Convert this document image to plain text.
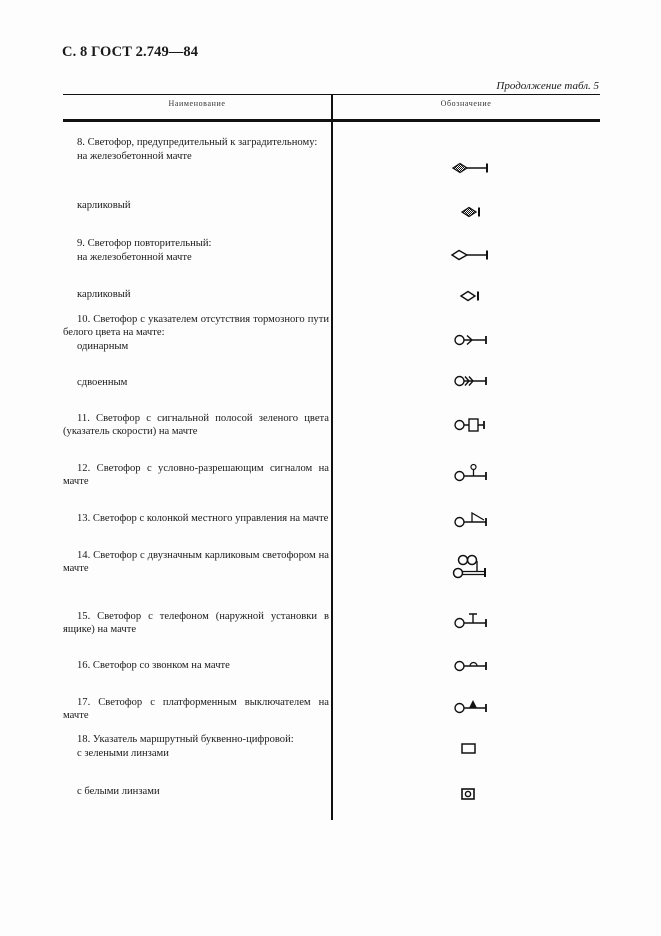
С. 8 ГОСТ 2.749—84
Продолжение табл. 5
Наименование	Обозначение
8. Светофор, предупредительный к заградительному:
на железобетонной мачте
карликовый
9. Светофор повторительный:
на железобетонной мачте
карликовый
10. Светофор с указателем отсутствия тормозного пути белого цвета на мачте:
одинарным
сдвоенным
11. Светофор с сигнальной полосой зеленого цвета (указатель скорости) на мачте
12. Светофор с условно-разрешающим сигналом на мачте
13. Светофор с колонкой местного управления на мачте
14. Светофор с двузначным карликовым светофором на мачте
15. Светофор с телефоном (наружной установки в ящике) на мачте
16. Светофор со звонком на мачте
17. Светофор с платформенным выключателем на мачте
18. Указатель маршрутный буквенно-цифровой:
с зелеными линзами
с белыми линзами
